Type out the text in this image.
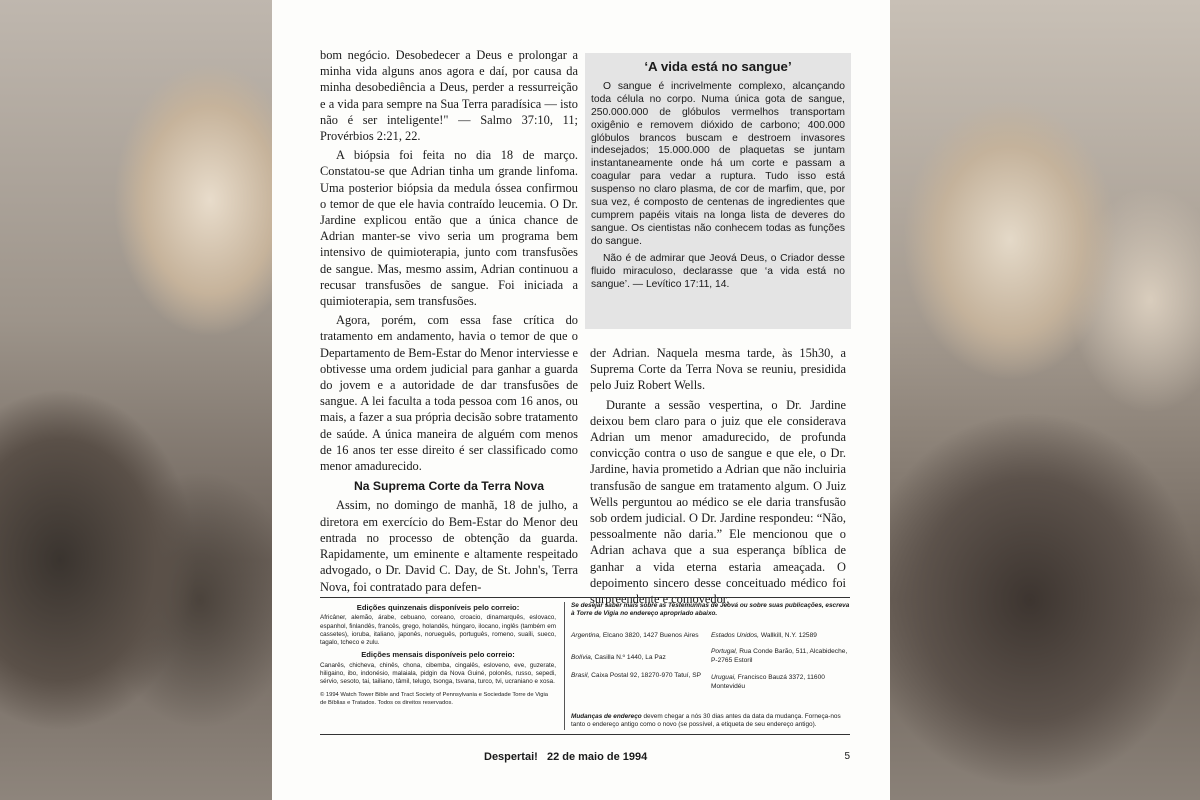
bom negócio. Desobedecer a Deus e prolongar a minha vida alguns anos agora e daí, por causa da minha desobediência a Deus, perder a ressurreição e a vida para sempre na Sua Terra paradísica — isto não é ser inteligente!" — Salmo 37:10, 11; Provérbios 2:21, 22.

A biópsia foi feita no dia 18 de março. Constatou-se que Adrian tinha um grande linfoma. Uma posterior biópsia da medula óssea confirmou o temor de que ele havia contraído leucemia. O Dr. Jardine explicou então que a única chance de Adrian manter-se vivo seria um programa bem intensivo de quimioterapia, junto com transfusões de sangue. Mas, mesmo assim, Adrian continuou a recusar transfusões de sangue. Foi iniciada a quimioterapia, sem transfusões.

Agora, porém, com essa fase crítica do tratamento em andamento, havia o temor de que o Departamento de Bem-Estar do Menor interviesse e obtivesse uma ordem judicial para ganhar a guarda do jovem e a autoridade de dar transfusões de sangue. A lei faculta a toda pessoa com 16 anos, ou mais, a fazer a sua própria decisão sobre tratamento de saúde. A única maneira de alguém com menos de 16 anos ter esse direito é ser classificado como menor amadurecido.

Na Suprema Corte da Terra Nova

Assim, no domingo de manhã, 18 de julho, a diretora em exercício do Bem-Estar do Menor deu entrada no processo de obtenção da guarda. Rapidamente, um eminente e altamente respeitado advogado, o Dr. David C. Day, de St. John's, Terra Nova, foi contratado para defen-

‘A vida está no sangue’

O sangue é incrivelmente complexo, alcançando toda célula no corpo. Numa única gota de sangue, 250.000.000 de glóbulos vermelhos transportam oxigênio e removem dióxido de carbono; 400.000 glóbulos brancos buscam e destroem invasores indesejados; 15.000.000 de plaquetas se juntam instantaneamente onde há um corte e passam a coagular para vedar a ruptura. Tudo isso está suspenso no claro plasma, de cor de marfim, que, por sua vez, é composto de centenas de ingredientes que cumprem papéis vitais na longa lista de deveres do sangue. Os cientistas não conhecem todas as funções do sangue.

Não é de admirar que Jeová Deus, o Criador desse fluido miraculoso, declarasse que ‘a vida está no sangue’. — Levítico 17:11, 14.

der Adrian. Naquela mesma tarde, às 15h30, a Suprema Corte da Terra Nova se reuniu, presidida pelo Juiz Robert Wells.

Durante a sessão vespertina, o Dr. Jardine deixou bem claro para o juiz que ele considerava Adrian um menor amadurecido, de profunda convicção contra o uso de sangue e que ele, o Dr. Jardine, havia prometido a Adrian que não incluiria transfusão de sangue em tratamento algum. O Juiz Wells perguntou ao médico se ele daria transfusão sob ordem judicial. O Dr. Jardine respondeu: “Não, pessoalmente não daria.” Ele mencionou que o Adrian achava que a sua esperança bíblica de ganhar a vida eterna estaria ameaçada. O depoimento sincero desse conceituado médico foi surpreendente e comovedor,

Edições quinzenais disponíveis pelo correio:
Africâner, alemão, árabe, cebuano, coreano, croacio, dinamarquês, eslovaco, espanhol, finlandês, francês, grego, holandês, húngaro, ilocano, inglês (também em cassetes), ioruba, italiano, japonês, norueguês, português, romeno, suaíli, sueco, tagalo, tcheco e zulu.
Edições mensais disponíveis pelo correio:
Canarês, chicheva, chinês, chona, cibemba, cingalês, esloveno, eve, guzerate, hiligaino, ibo, indonésio, malaiala, pidgin da Nova Guiné, polonês, russo, sepedi, sérvio, sesoto, tai, tailiano, tâmil, telugo, tsonga, tsvana, turco, tvi, ucraniano e xosa.
© 1994 Watch Tower Bible and Tract Society of Pennsylvania e Sociedade Torre de Vigia de Bíblias e Tratados. Todos os direitos reservados.
Se desejar saber mais sobre as Testemunhas de Jeová ou sobre suas publicações, escreva à Torre de Vigia no endereço apropriado abaixo.
Argentina, Elcano 3820, 1427 Buenos Aires
Bolívia, Casilla N.º 1440, La Paz
Brasil, Caixa Postal 92, 18270-970 Tatuí, SP
Estados Unidos, Wallkill, N.Y. 12589
Portugal, Rua Conde Barão, 511, Alcabideche, P-2765 Estoril
Uruguai, Francisco Bauzá 3372, 11600 Montevidéu
Mudanças de endereço devem chegar a nós 30 dias antes da data da mudança. Forneça-nos tanto o endereço antigo como o novo (se possível, a etiqueta de seu endereço antigo).
Despertai! 22 de maio de 1994	5
